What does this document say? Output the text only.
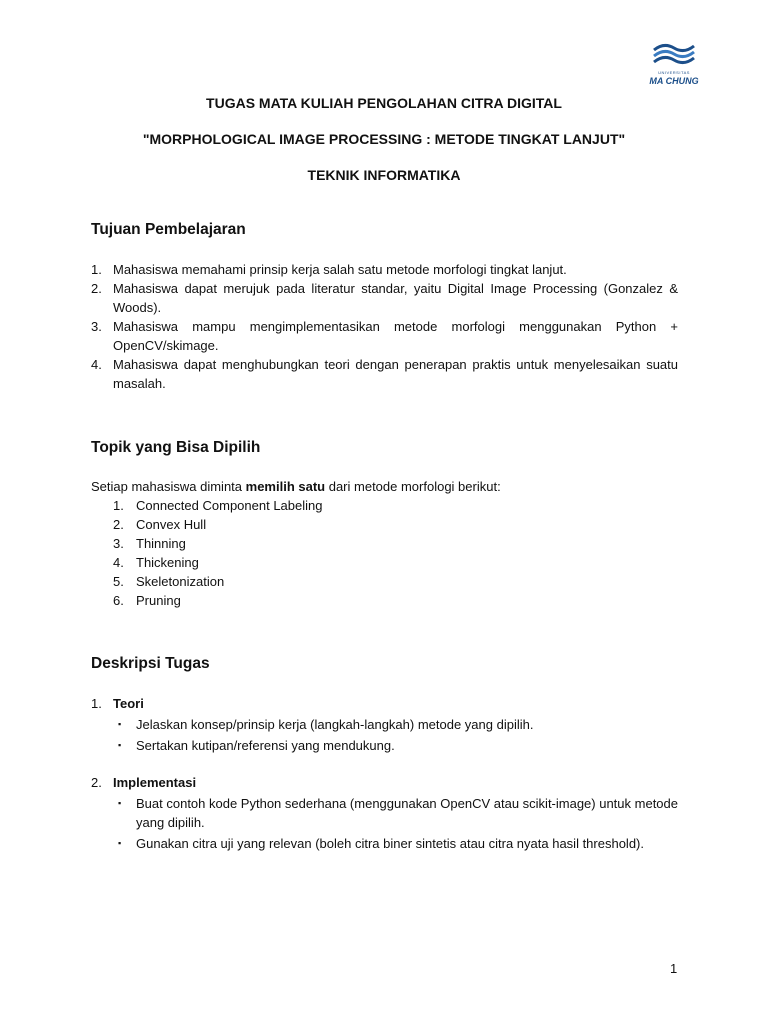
UNIVERSITAS
MA CHUNG

TUGAS MATA KULIAH PENGOLAHAN CITRA DIGITAL

"MORPHOLOGICAL IMAGE PROCESSING : METODE TINGKAT LANJUT"

TEKNIK INFORMATIKA

Tujuan Pembelajaran
1. Mahasiswa memahami prinsip kerja salah satu metode morfologi tingkat lanjut.
2. Mahasiswa dapat merujuk pada literatur standar, yaitu Digital Image Processing (Gonzalez & Woods).
3. Mahasiswa mampu mengimplementasikan metode morfologi menggunakan Python + OpenCV/skimage.
4. Mahasiswa dapat menghubungkan teori dengan penerapan praktis untuk menyelesaikan suatu masalah.
Topik yang Bisa Dipilih

Setiap mahasiswa diminta memilih satu dari metode morfologi berikut:

1. Connected Component Labeling
2. Convex Hull
3. Thinning
4. Thickening
5. Skeletonization
6. Pruning
Deskripsi Tugas
1. Teori
▪ Jelaskan konsep/prinsip kerja (langkah-langkah) metode yang dipilih.
▪ Sertakan kutipan/referensi yang mendukung.
2. Implementasi
▪ Buat contoh kode Python sederhana (menggunakan OpenCV atau scikit-image) untuk metode yang dipilih.
▪ Gunakan citra uji yang relevan (boleh citra biner sintetis atau citra nyata hasil threshold).
1
